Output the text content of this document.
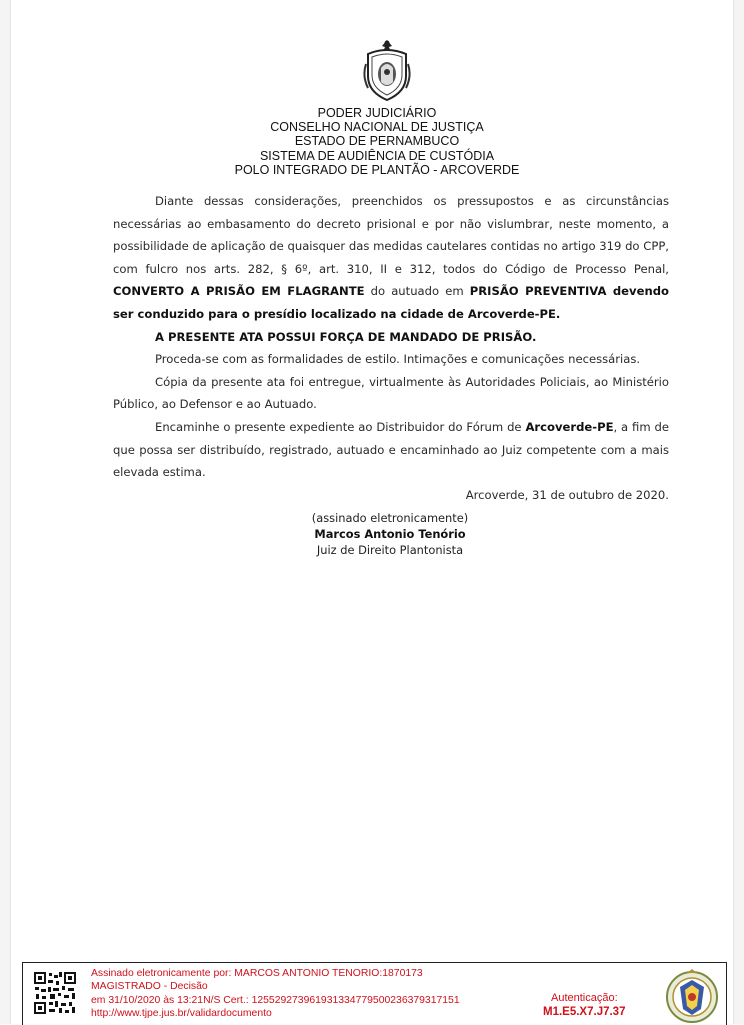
PODER JUDICIÁRIO
CONSELHO NACIONAL DE JUSTIÇA
ESTADO DE PERNAMBUCO
SISTEMA DE AUDIÊNCIA DE CUSTÓDIA
POLO INTEGRADO DE PLANTÃO - ARCOVERDE

Diante dessas considerações, preenchidos os pressupostos e as circunstâncias necessárias ao embasamento do decreto prisional e por não vislumbrar, neste momento, a possibilidade de aplicação de quaisquer das medidas cautelares contidas no artigo 319 do CPP, com fulcro nos arts. 282, § 6º, art. 310, II e 312, todos do Código de Processo Penal, CONVERTO A PRISÃO EM FLAGRANTE do autuado em PRISÃO PREVENTIVA devendo ser conduzido para o presídio localizado na cidade de Arcoverde-PE.

A PRESENTE ATA POSSUI FORÇA DE MANDADO DE PRISÃO.

Proceda-se com as formalidades de estilo. Intimações e comunicações necessárias.

Cópia da presente ata foi entregue, virtualmente às Autoridades Policiais, ao Ministério Público, ao Defensor e ao Autuado.

Encaminhe o presente expediente ao Distribuidor do Fórum de Arcoverde-PE, a fim de que possa ser distribuído, registrado, autuado e encaminhado ao Juiz competente com a mais elevada estima.

Arcoverde, 31 de outubro de 2020.

(assinado eletronicamente)
Marcos Antonio Tenório
Juiz de Direito Plantonista
Assinado eletronicamente por: MARCOS ANTONIO TENORIO:1870173
MAGISTRADO - Decisão
em 31/10/2020 às 13:21N/S Cert.: 125529273961931334779500236379317151
http://www.tjpe.jus.br/validardocumento
Autenticação:
M1.E5.X7.J7.37
